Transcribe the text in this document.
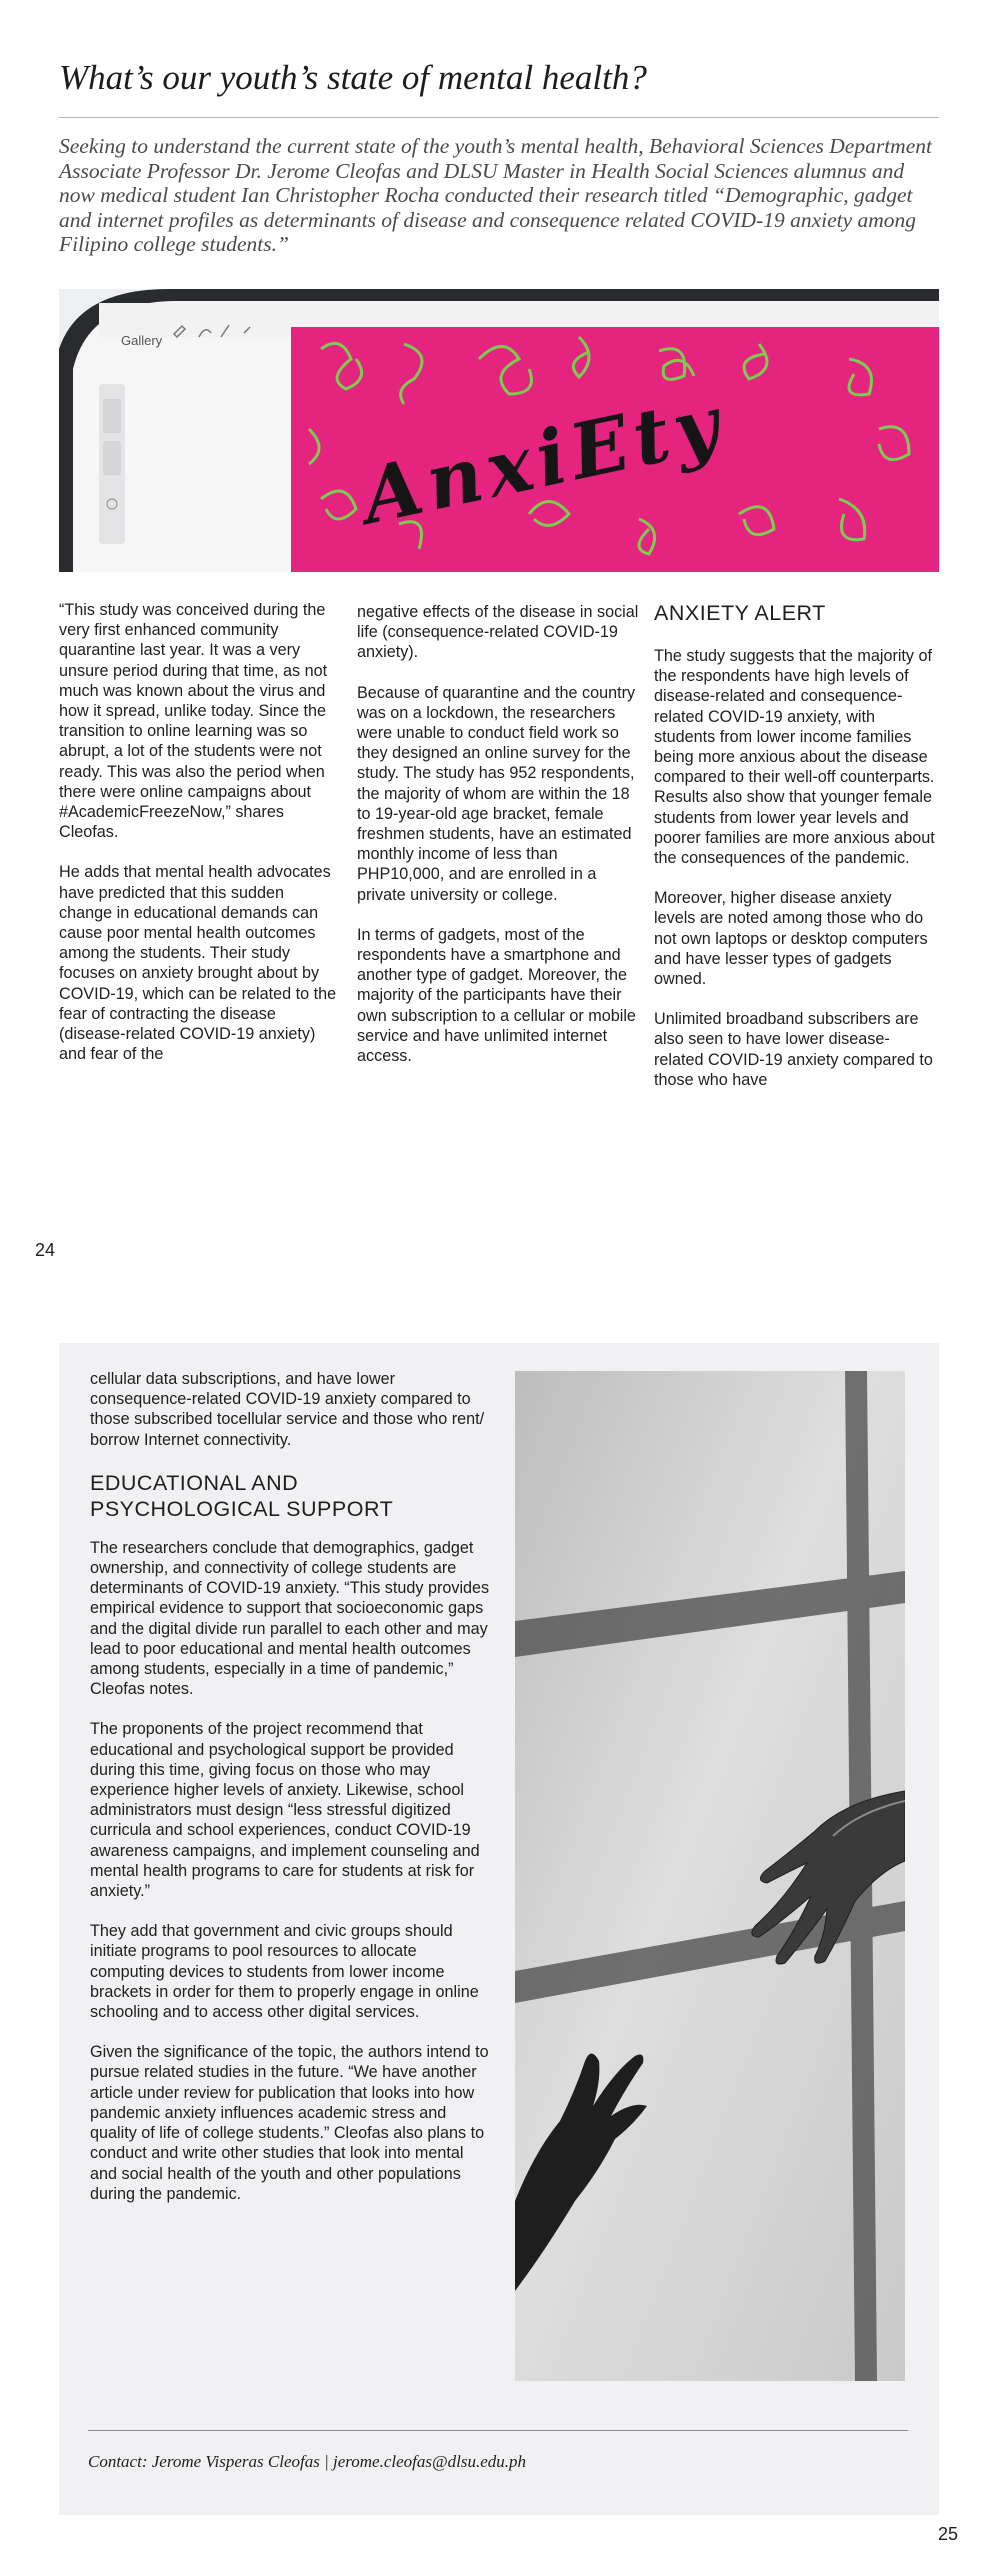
What’s our youth’s state of mental health?

Seeking to understand the current state of the youth’s mental health, Behavioral Sciences Department Associate Professor Dr. Jerome Cleofas and DLSU Master in Health Social Sciences alumnus and now medical student Ian Christopher Rocha conducted their research titled “Demographic, gadget and internet profiles as determinants of disease and consequence related COVID-19 anxiety among Filipino college students.”

Gallery
AnxiEty

“This study was conceived during the very first enhanced community quarantine last year. It was a very unsure period during that time, as not much was known about the virus and how it spread, unlike today. Since the transition to online learning was so abrupt, a lot of the students were not ready. This was also the period when there were online campaigns about #AcademicFreezeNow,” shares Cleofas.

He adds that mental health advocates have predicted that this sudden change in educational demands can cause poor mental health outcomes among the students. Their study focuses on anxiety brought about by COVID-19, which can be related to the fear of contracting the disease (disease-related COVID-19 anxiety) and fear of the

negative effects of the disease in social life (consequence-related COVID-19 anxiety).

Because of quarantine and the country was on a lockdown, the researchers were unable to conduct field work so they designed an online survey for the study. The study has 952 respondents, the majority of whom are within the 18 to 19-year-old age bracket, female freshmen students, have an estimated monthly income of less than PHP10,000, and are enrolled in a private university or college.

In terms of gadgets, most of the respondents have a smartphone and another type of gadget. Moreover, the majority of the participants have their own subscription to a cellular or mobile service and have unlimited internet access.

ANXIETY ALERT

The study suggests that the majority of the respondents have high levels of disease-related and consequence-related COVID-19 anxiety, with students from lower income families being more anxious about the disease compared to their well-off counterparts. Results also show that younger female students from lower year levels and poorer families are more anxious about the consequences of the pandemic.

Moreover, higher disease anxiety levels are noted among those who do not own laptops or desktop computers and have lesser types of gadgets owned.

Unlimited broadband subscribers are also seen to have lower disease-related COVID-19 anxiety compared to those who have

24

cellular data subscriptions, and have lower consequence-related COVID-19 anxiety compared to those subscribed tocellular service and those who rent/ borrow Internet connectivity.

EDUCATIONAL AND PSYCHOLOGICAL SUPPORT

The researchers conclude that demographics, gadget ownership, and connectivity of college students are determinants of COVID-19 anxiety. “This study provides empirical evidence to support that socioeconomic gaps and the digital divide run parallel to each other and may lead to poor educational and mental health outcomes among students, especially in a time of pandemic,” Cleofas notes.

The proponents of the project recommend that educational and psychological support be provided during this time, giving focus on those who may experience higher levels of anxiety. Likewise, school administrators must design “less stressful digitized curricula and school experiences, conduct COVID-19 awareness campaigns, and implement counseling and mental health programs to care for students at risk for anxiety.”

They add that government and civic groups should initiate programs to pool resources to allocate computing devices to students from lower income brackets in order for them to properly engage in online schooling and to access other digital services.

Given the significance of the topic, the authors intend to pursue related studies in the future. “We have another article under review for publication that looks into how pandemic anxiety influences academic stress and quality of life of college students.” Cleofas also plans to conduct and write other studies that look into mental and social health of the youth and other populations during the pandemic.

Contact: Jerome Visperas Cleofas | jerome.cleofas@dlsu.edu.ph
25
